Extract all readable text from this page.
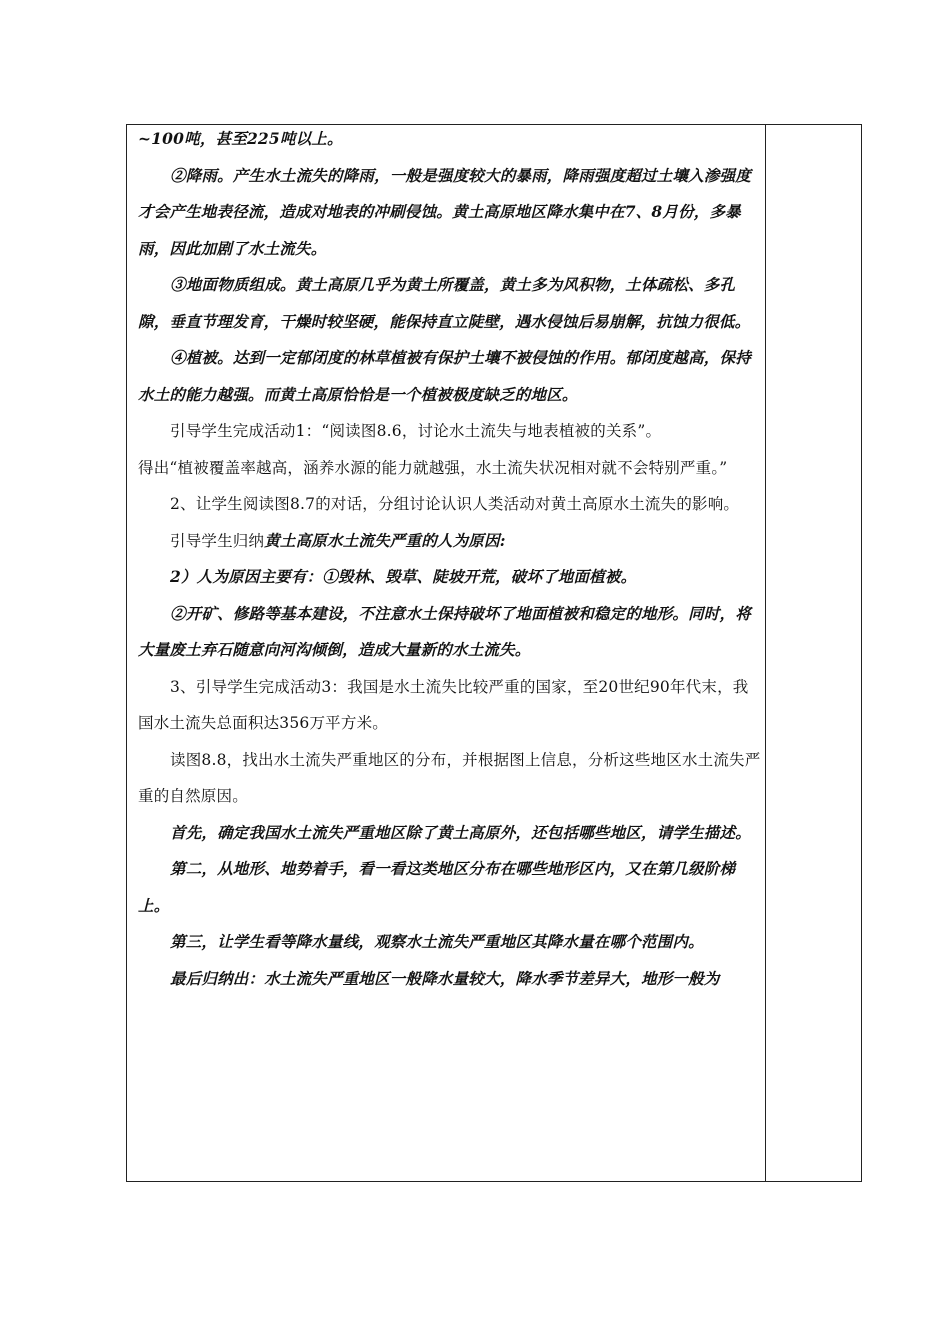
~100吨，甚至225吨以上。

②降雨。产生水土流失的降雨，一般是强度较大的暴雨，降雨强度超过土壤入渗强度才会产生地表径流，造成对地表的冲刷侵蚀。黄土高原地区降水集中在7、8月份，多暴雨，因此加剧了水土流失。

③地面物质组成。黄土高原几乎为黄土所覆盖，黄土多为风积物，土体疏松、多孔隙，垂直节理发育，干燥时较坚硬，能保持直立陡壁，遇水侵蚀后易崩解，抗蚀力很低。

④植被。达到一定郁闭度的林草植被有保护土壤不被侵蚀的作用。郁闭度越高，保持水土的能力越强。而黄土高原恰恰是一个植被极度缺乏的地区。

引导学生完成活动1：“阅读图8.6，讨论水土流失与地表植被的关系”。

得出“植被覆盖率越高，涵养水源的能力就越强，水土流失状况相对就不会特别严重。”

2、让学生阅读图8.7的对话，分组讨论认识人类活动对黄土高原水土流失的影响。

引导学生归纳黄土高原水土流失严重的人为原因:

2）人为原因主要有：①毁林、毁草、陡坡开荒，破坏了地面植被。

②开矿、修路等基本建设，不注意水土保持破坏了地面植被和稳定的地形。同时，将大量废土弃石随意向河沟倾倒，造成大量新的水土流失。

3、引导学生完成活动3：我国是水土流失比较严重的国家，至20世纪90年代末，我国水土流失总面积达356万平方米。

读图8.8，找出水土流失严重地区的分布，并根据图上信息，分析这些地区水土流失严重的自然原因。

首先，确定我国水土流失严重地区除了黄土高原外，还包括哪些地区，请学生描述。

第二，从地形、地势着手，看一看这类地区分布在哪些地形区内，又在第几级阶梯上。

第三，让学生看等降水量线，观察水土流失严重地区其降水量在哪个范围内。

最后归纳出：水土流失严重地区一般降水量较大，降水季节差异大，地形一般为
